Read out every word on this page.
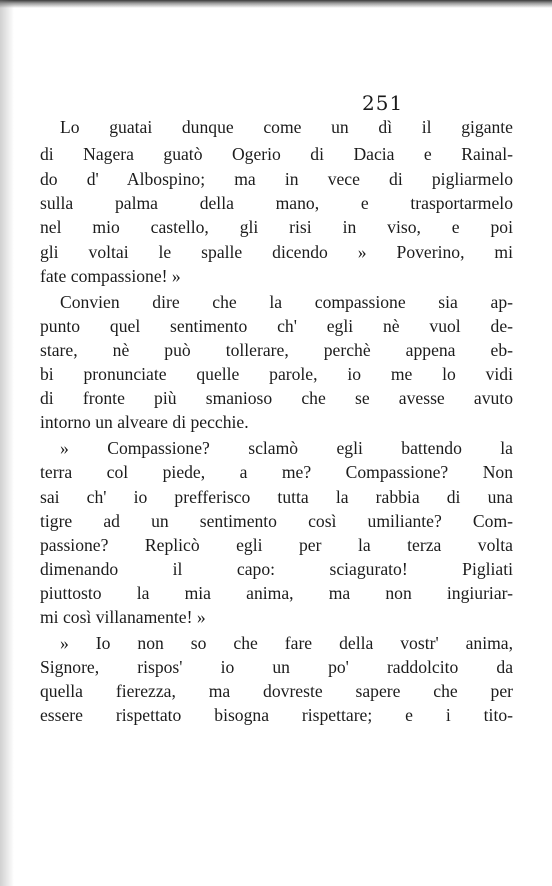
251
Lo guatai dunque come un dì il gigante
di Nagera guatò Ogerio di Dacia e Rainal-
do d' Albospino; ma in vece di pigliarmelo
sulla palma della mano, e trasportarmelo
nel mio castello, gli risi in viso, e poi
gli voltai le spalle dicendo » Poverino, mi
fate compassione! »
Convien dire che la compassione sia ap-
punto quel sentimento ch' egli nè vuol de-
stare, nè può tollerare, perchè appena eb-
bi pronunciate quelle parole, io me lo vidi
di fronte più smanioso che se avesse avuto
intorno un alveare di pecchie.
» Compassione? sclamò egli battendo la
terra col piede, a me? Compassione? Non
sai ch' io prefferisco tutta la rabbia di una
tigre ad un sentimento così umiliante? Com-
passione? Replicò egli per la terza volta
dimenando il capo: sciagurato! Pigliati
piuttosto la mia anima, ma non ingiuriar-
mi così villanamente! »
» Io non so che fare della vostr' anima,
Signore, rispos' io un po' raddolcito da
quella fierezza, ma dovreste sapere che per
essere rispettato bisogna rispettare; e i tito-
